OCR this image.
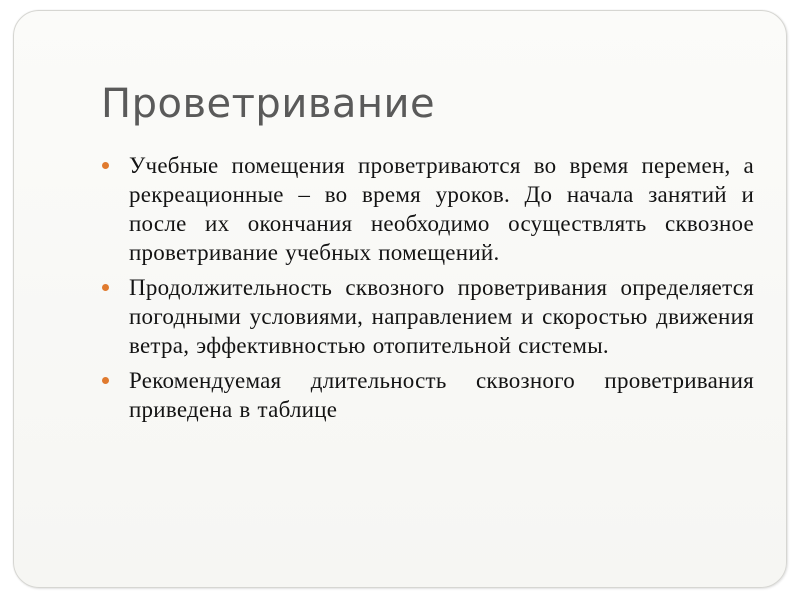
Проветривание
Учебные помещения проветриваются во время перемен, а рекреационные – во время уроков. До начала занятий и после их окончания необходимо осуществлять сквозное проветривание учебных помещений.
Продолжительность сквозного проветривания определяется погодными условиями, направлением и скоростью движения ветра, эффективностью отопительной системы.
Рекомендуемая длительность сквозного проветривания приведена в таблице
